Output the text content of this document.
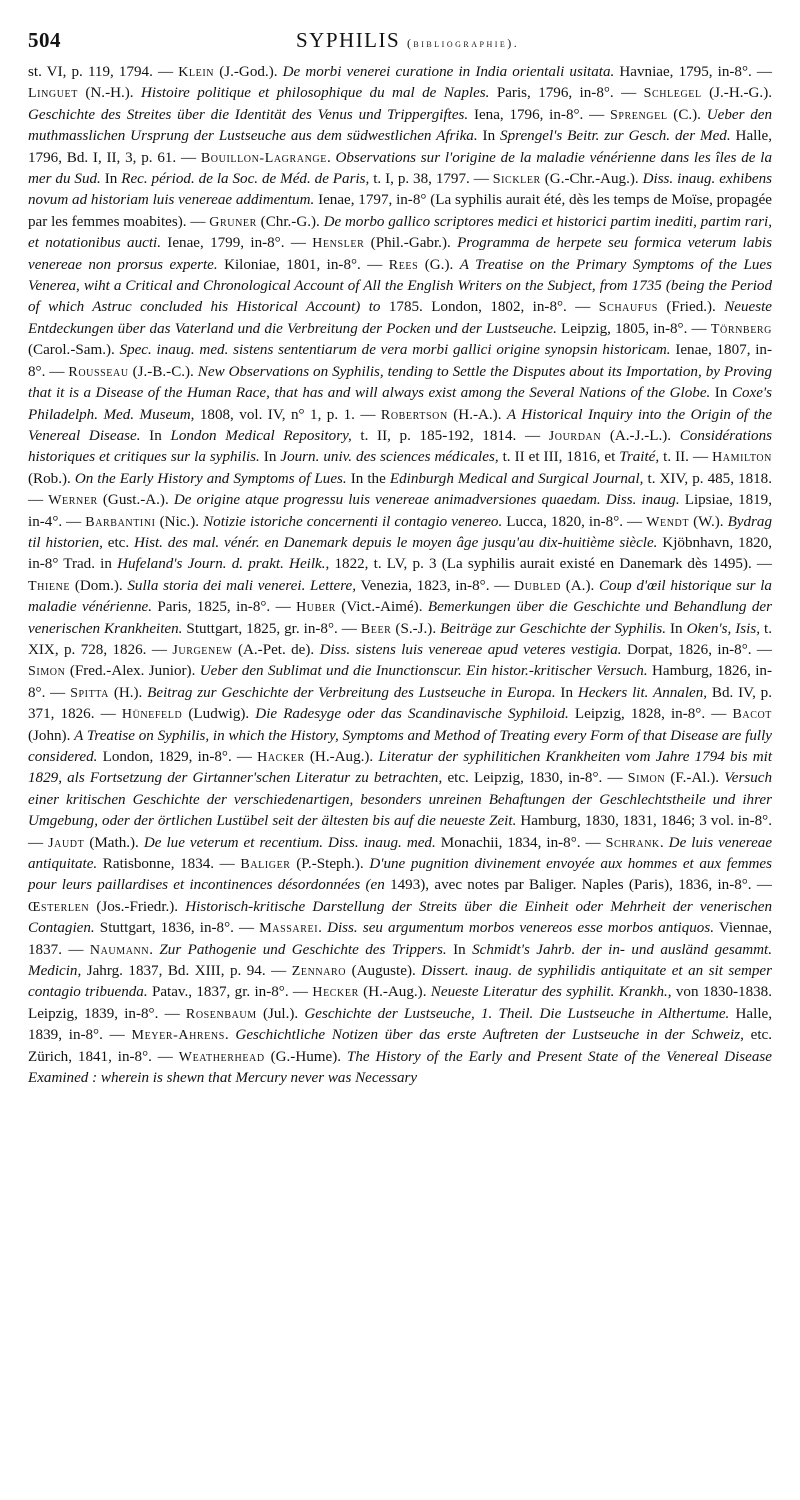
504	SYPHILIS (bibliographie).
st. VI, p. 119, 1794. — Klein (J.-God.). De morbi venerei curatione in India orientali usitata. Havniae, 1795, in-8°. — Linguet (N.-H.). Histoire politique et philosophique du mal de Naples. Paris, 1796, in-8°. — Schlegel (J.-H.-G.). Geschichte des Streites über die Identität des Venus und Trippergiftes. Iena, 1796, in-8°. — Sprengel (C.). Ueber den muthmasslichen Ursprung der Lustseuche aus dem südwestlichen Afrika. In Sprengel's Beitr. zur Gesch. der Med. Halle, 1796, Bd. I, II, 3, p. 61. — Bouillon-Lagrange. Observations sur l'origine de la maladie vénérienne dans les îles de la mer du Sud. In Rec. périod. de la Soc. de Méd. de Paris, t. I, p. 38, 1797. — Sickler (G.-Chr.-Aug.). Diss. inaug. exhibens novum ad historiam luis venereae addimentum. Ienae, 1797, in-8° (La syphilis aurait été, dès les temps de Moïse, propagée par les femmes moabites). — Gruner (Chr.-G.). De morbo gallico scriptores medici et historici partim inediti, partim rari, et notationibus aucti. Ienae, 1799, in-8°. — Hensler (Phil.-Gabr.). Programma de herpete seu formica veterum labis venereae non prorsus experte. Kiloniae, 1801, in-8°. — Rees (G.). A Treatise on the Primary Symptoms of the Lues Venerea, wiht a Critical and Chronological Account of All the English Writers on the Subject, from 1735 (being the Period of which Astruc concluded his Historical Account) to 1785. London, 1802, in-8°. — Schaufus (Fried.). Neueste Entdeckungen über das Vaterland und die Verbreitung der Pocken und der Lustseuche. Leipzig, 1805, in-8°. — Törnberg (Carol.-Sam.). Spec. inaug. med. sistens sententiarum de vera morbi gallici origine synopsin historicam. Ienae, 1807, in-8°. — Rousseau (J.-B.-C.). New Observations on Syphilis, tending to Settle the Disputes about its Importation, by Proving that it is a Disease of the Human Race, that has and will always exist among the Several Nations of the Globe. In Coxe's Philadelph. Med. Museum, 1808, vol. IV, n° 1, p. 1. — Robertson (H.-A.). A Historical Inquiry into the Origin of the Venereal Disease. In London Medical Repository, t. II, p. 185-192, 1814. — Jourdan (A.-J.-L.). Considérations historiques et critiques sur la syphilis. In Journ. univ. des sciences médicales, t. II et III, 1816, et Traité, t. II. — Hamilton (Rob.). On the Early History and Symptoms of Lues. In the Edinburgh Medical and Surgical Journal, t. XIV, p. 485, 1818. — Werner (Gust.-A.). De origine atque progressu luis venereae animadversiones quaedam. Diss. inaug. Lipsiae, 1819, in-4°. — Barbantini (Nic.). Notizie istoriche concernenti il contagio venereo. Lucca, 1820, in-8°. — Wendt (W.). Bydrag til historien, etc. Hist. des mal. vénér. en Danemark depuis le moyen âge jusqu'au dix-huitième siècle. Kjöbnhavn, 1820, in-8° Trad. in Hufeland's Journ. d. prakt. Heilk., 1822, t. LV, p. 3 (La syphilis aurait existé en Danemark dès 1495). — Thiene (Dom.). Sulla storia dei mali venerei. Lettere, Venezia, 1823, in-8°. — Dubled (A.). Coup d'œil historique sur la maladie vénérienne. Paris, 1825, in-8°. — Huber (Vict.-Aimé). Bemerkungen über die Geschichte und Behandlung der venerischen Krankheiten. Stuttgart, 1825, gr. in-8°. — Beer (S.-J.). Beiträge zur Geschichte der Syphilis. In Oken's, Isis, t. XIX, p. 728, 1826. — Jurgenew (A.-Pet. de). Diss. sistens luis venereae apud veteres vestigia. Dorpat, 1826, in-8°. — Simon (Fred.-Alex. Junior). Ueber den Sublimat und die Inunctionscur. Ein histor.-kritischer Versuch. Hamburg, 1826, in-8°. — Spitta (H.). Beitrag zur Geschichte der Verbreitung des Lustseuche in Europa. In Heckers lit. Annalen, Bd. IV, p. 371, 1826. — Hünefeld (Ludwig). Die Radesyge oder das Scandinavische Syphiloid. Leipzig, 1828, in-8°. — Bacot (John). A Treatise on Syphilis, in which the History, Symptoms and Method of Treating every Form of that Disease are fully considered. London, 1829, in-8°. — Hacker (H.-Aug.). Literatur der syphilitichen Krankheiten vom Jahre 1794 bis mit 1829, als Fortsetzung der Girtanner'schen Literatur zu betrachten, etc. Leipzig, 1830, in-8°. — Simon (F.-Al.). Versuch einer kritischen Geschichte der verschiedenartigen, besonders unreinen Behaftungen der Geschlechtstheile und ihrer Umgebung, oder der örtlichen Lustübel seit der ältesten bis auf die neueste Zeit. Hamburg, 1830, 1831, 1846; 3 vol. in-8°. — Jaudt (Math.). De lue veterum et recentium. Diss. inaug. med. Monachii, 1834, in-8°. — Schrank. De luis venereae antiquitate. Ratisbonne, 1834. — Baliger (P.-Steph.). D'une pugnition divinement envoyée aux hommes et aux femmes pour leurs paillardises et incontinences désordonnées (en 1493), avec notes par Baliger. Naples (Paris), 1836, in-8°. — Œsterlen (Jos.-Friedr.). Historisch-kritische Darstellung der Streits über die Einheit oder Mehrheit der venerischen Contagien. Stuttgart, 1836, in-8°. — Massarei. Diss. seu argumentum morbos venereos esse morbos antiquos. Viennae, 1837. — Naumann. Zur Pathogenie und Geschichte des Trippers. In Schmidt's Jahrb. der in- und ausländ gesammt. Medicin, Jahrg. 1837, Bd. XIII, p. 94. — Zennaro (Auguste). Dissert. inaug. de syphilidis antiquitate et an sit semper contagio tribuenda. Patav., 1837, gr. in-8°. — Hecker (H.-Aug.). Neueste Literatur des syphilit. Krankh., von 1830-1838. Leipzig, 1839, in-8°. — Rosenbaum (Jul.). Geschichte der Lustseuche, 1. Theil. Die Lustseuche in Althertume. Halle, 1839, in-8°. — Meyer-Ahrens. Geschichtliche Notizen über das erste Auftreten der Lustseuche in der Schweiz, etc. Zürich, 1841, in-8°. — Weatherhead (G.-Hume). The History of the Early and Present State of the Venereal Disease Examined : wherein is shewn that Mercury never was Necessary
